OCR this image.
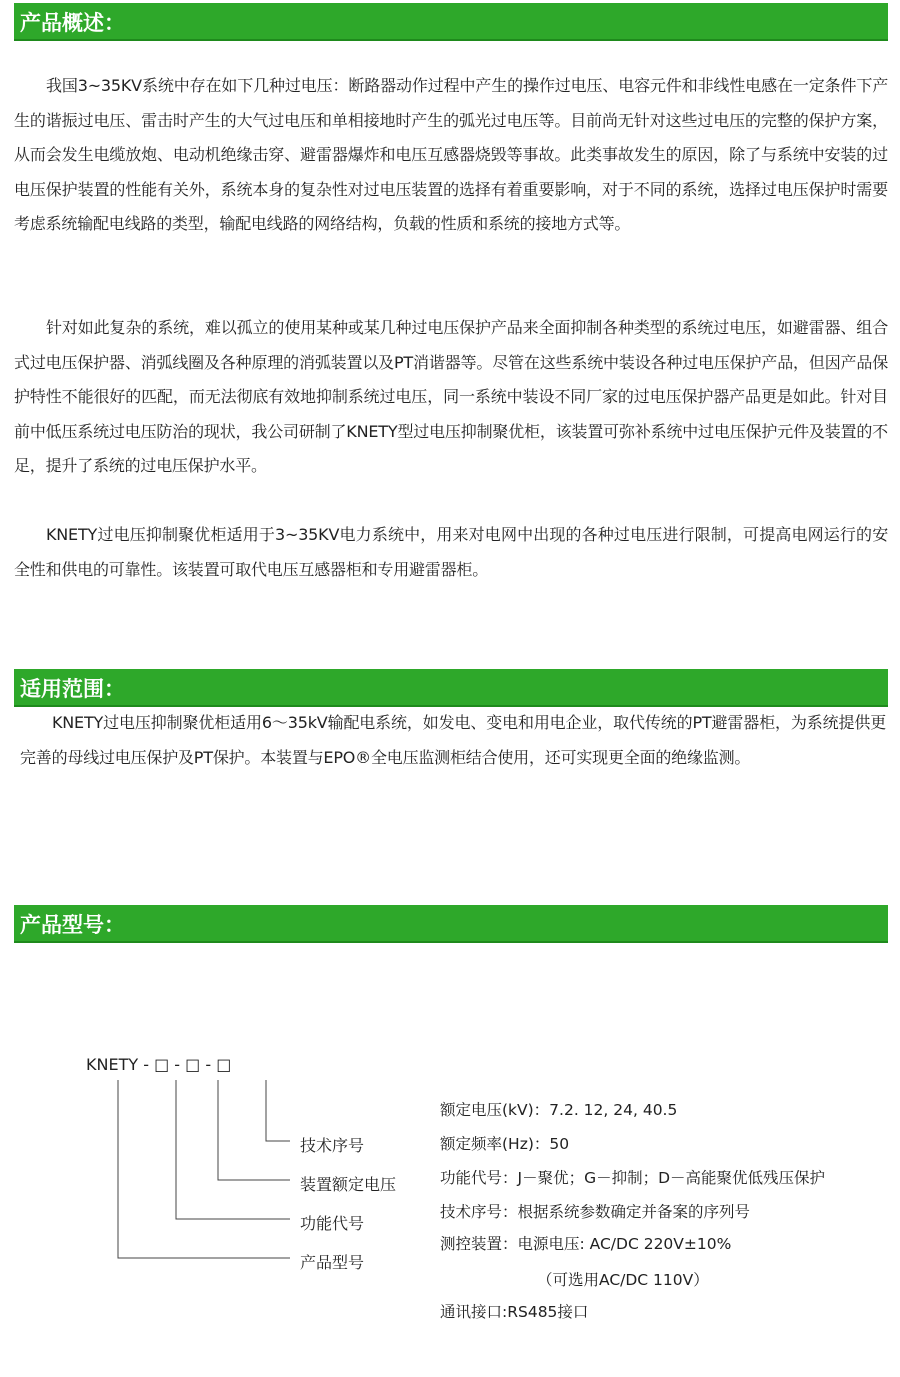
产品概述：

我国3~35KV系统中存在如下几种过电压：断路器动作过程中产生的操作过电压、电容元件和非线性电感在一定条件下产生的谐振过电压、雷击时产生的大气过电压和单相接地时产生的弧光过电压等。目前尚无针对这些过电压的完整的保护方案，从而会发生电缆放炮、电动机绝缘击穿、避雷器爆炸和电压互感器烧毁等事故。此类事故发生的原因，除了与系统中安装的过电压保护装置的性能有关外，系统本身的复杂性对过电压装置的选择有着重要影响，对于不同的系统，选择过电压保护时需要考虑系统输配电线路的类型，输配电线路的网络结构，负载的性质和系统的接地方式等。

针对如此复杂的系统，难以孤立的使用某种或某几种过电压保护产品来全面抑制各种类型的系统过电压，如避雷器、组合式过电压保护器、消弧线圈及各种原理的消弧装置以及PT消谐器等。尽管在这些系统中装设各种过电压保护产品，但因产品保护特性不能很好的匹配，而无法彻底有效地抑制系统过电压，同一系统中装设不同厂家的过电压保护器产品更是如此。针对目前中低压系统过电压防治的现状，我公司研制了KNETY型过电压抑制聚优柜，该装置可弥补系统中过电压保护元件及装置的不足，提升了系统的过电压保护水平。

KNETY过电压抑制聚优柜适用于3~35KV电力系统中，用来对电网中出现的各种过电压进行限制，可提高电网运行的安全性和供电的可靠性。该装置可取代电压互感器柜和专用避雷器柜。

适用范围：

KNETY过电压抑制聚优柜适用6～35kV输配电系统，如发电、变电和用电企业，取代传统的PT避雷器柜，为系统提供更完善的母线过电压保护及PT保护。本装置与EPO®全电压监测柜结合使用，还可实现更全面的绝缘监测。

产品型号：
KNETY - □ - □ - □
技术序号
装置额定电压
功能代号
产品型号
额定电压(kV)：7.2. 12, 24, 40.5
额定频率(Hz)：50
功能代号：J－聚优；G－抑制；D－高能聚优低残压保护
技术序号：根据系统参数确定并备案的序列号
测控装置：电源电压: AC/DC 220V±10%
（可选用AC/DC 110V）
通讯接口:RS485接口
